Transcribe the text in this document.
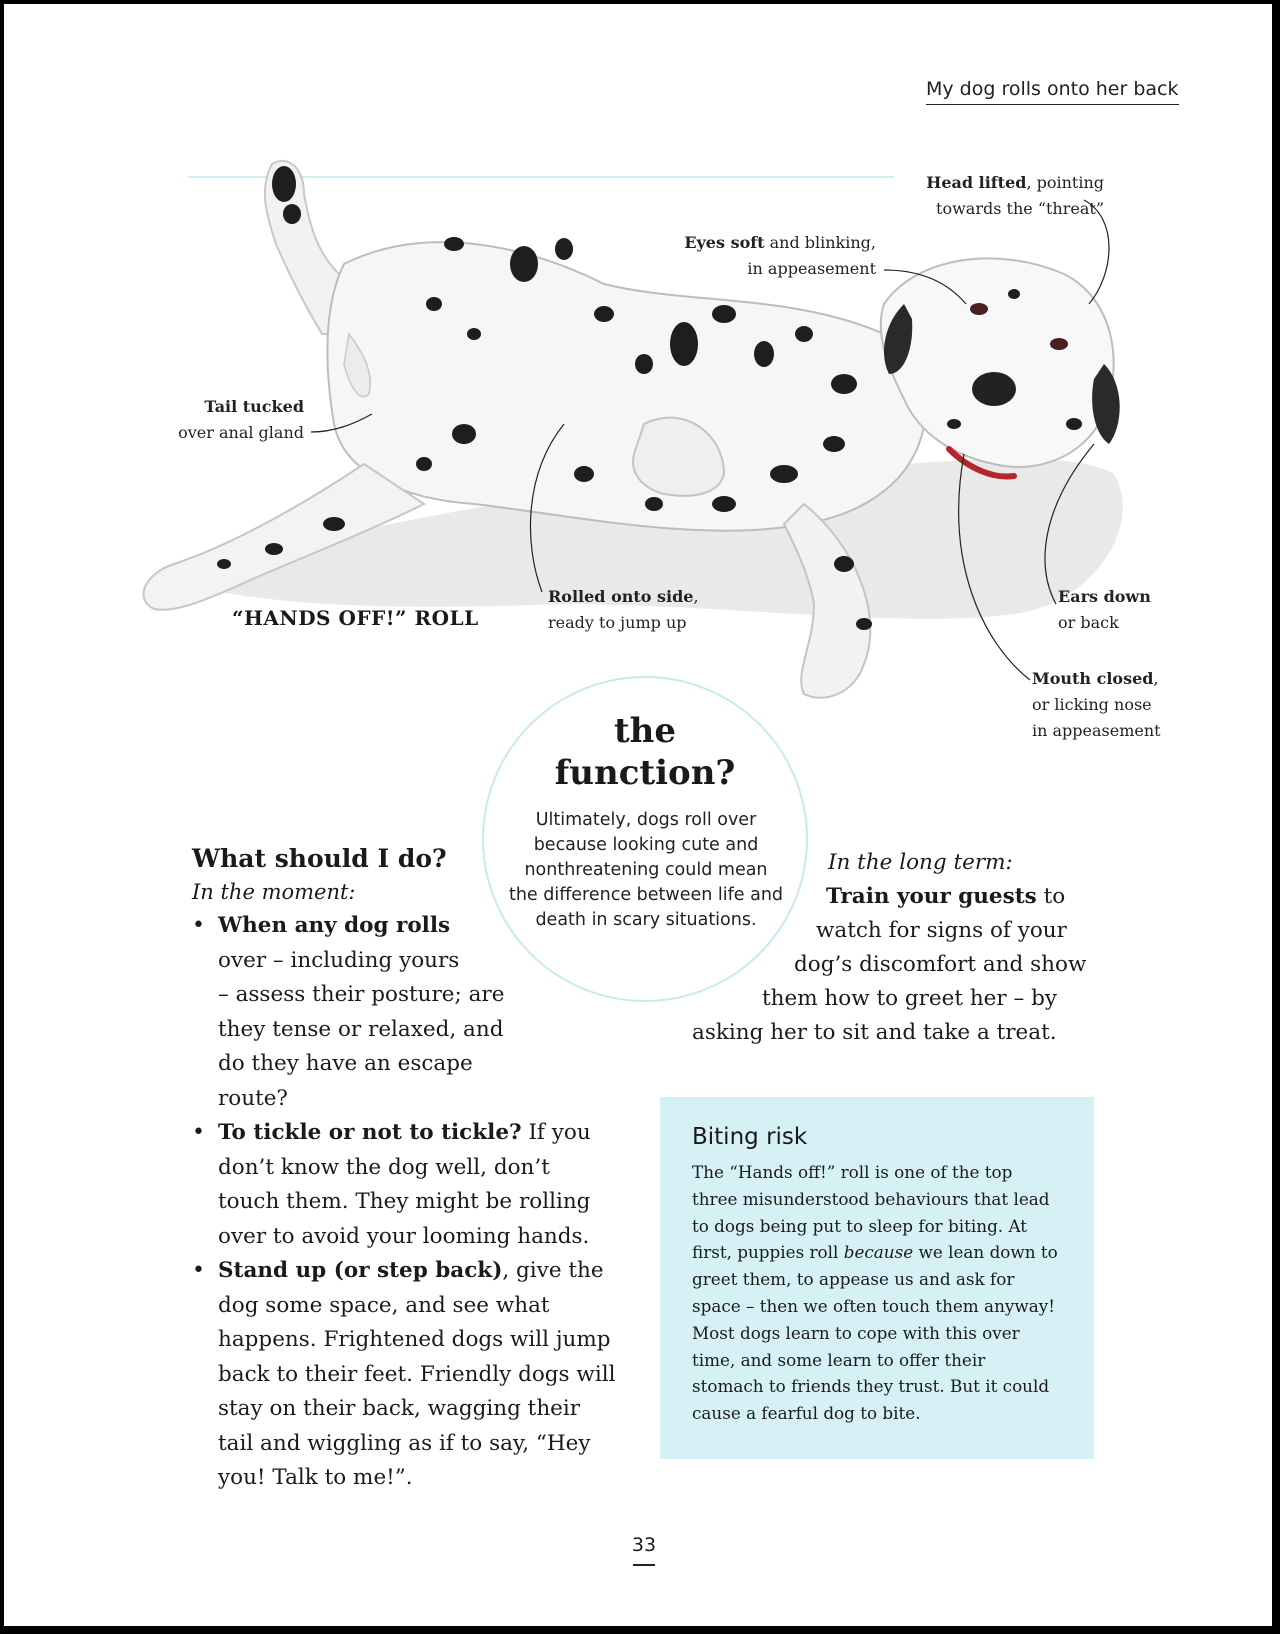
My dog rolls onto her back
Tail tucked
over anal gland
Eyes soft and blinking,
in appeasement
Head lifted, pointing
towards the “threat”
Rolled onto side,
ready to jump up
Ears down
or back
Mouth closed,
or licking nose
in appeasement
“HANDS OFF!” ROLL
the
function?
Ultimately, dogs roll over because looking cute and nonthreatening could mean the difference between life and death in scary situations.
What should I do?
In the moment:
• When any dog rolls
over – including yours
– assess their posture; are they tense or relaxed, and do they have an escape route?
• To tickle or not to tickle? If you don’t know the dog well, don’t touch them. They might be rolling over to avoid your looming hands.
• Stand up (or step back), give the dog some space, and see what happens. Frightened dogs will jump back to their feet. Friendly dogs will stay on their back, wagging their tail and wiggling as if to say, “Hey you! Talk to me!”.
In the long term:
Train your guests to
watch for signs of your
dog’s discomfort and show
them how to greet her – by
asking her to sit and take a treat.
Biting risk
The “Hands off!” roll is one of the top three misunderstood behaviours that lead to dogs being put to sleep for biting. At first, puppies roll because we lean down to greet them, to appease us and ask for space – then we often touch them anyway! Most dogs learn to cope with this over time, and some learn to offer their stomach to friends they trust. But it could cause a fearful dog to bite.
33
